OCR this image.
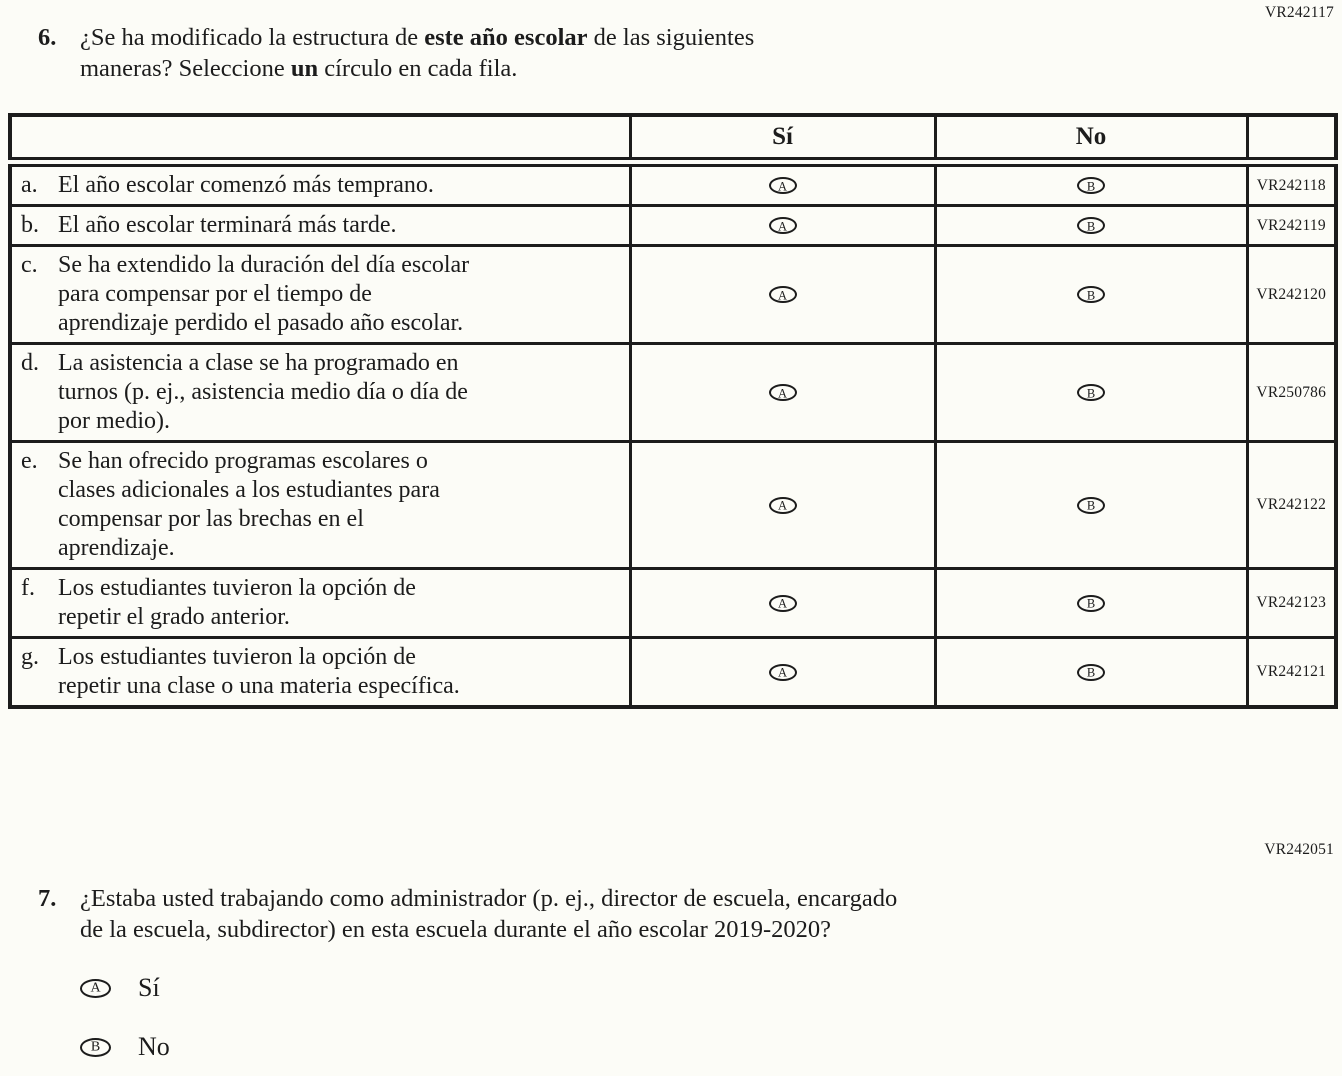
VR242117
6. ¿Se ha modificado la estructura de este año escolar de las siguientes
maneras? Seleccione un círculo en cada fila.
	Sí	No	

a. El año escolar comenzó más temprano.	A	B	VR242118

b. El año escolar terminará más tarde.	A	B	VR242119

c. Se ha extendido la duración del día escolar
para compensar por el tiempo de
aprendizaje perdido el pasado año escolar.	A	B	VR242120

d. La asistencia a clase se ha programado en
turnos (p. ej., asistencia medio día o día de
por medio).	A	B	VR250786

e. Se han ofrecido programas escolares o
clases adicionales a los estudiantes para
compensar por las brechas en el
aprendizaje.	A	B	VR242122

f. Los estudiantes tuvieron la opción de
repetir el grado anterior.	A	B	VR242123

g. Los estudiantes tuvieron la opción de
repetir una clase o una materia específica.	A	B	VR242121
VR242051
7. ¿Estaba usted trabajando como administrador (p. ej., director de escuela, encargado
de la escuela, subdirector) en esta escuela durante el año escolar 2019-2020?
A Sí
B No
